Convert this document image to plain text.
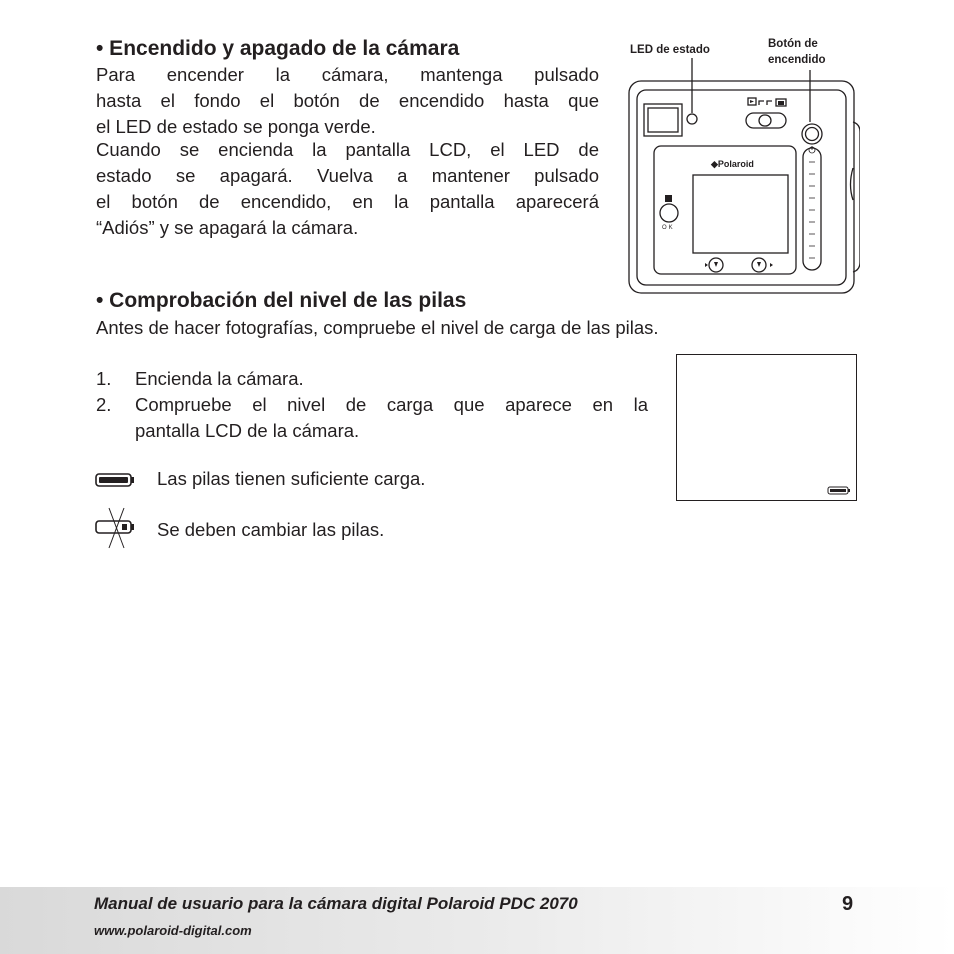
• Encendido y apagado de la cámara
Para encender la cámara, mantenga pulsado
hasta el fondo el botón de encendido hasta que
el LED de estado se ponga verde.
Cuando se encienda la pantalla LCD, el LED de
estado se apagará. Vuelva a mantener pulsado
el botón de encendido, en la pantalla aparecerá
“Adiós” y se apagará la cámara.
LED de estado	Botón de
encendido
◆Polaroid
OK
• Comprobación del nivel de las pilas
Antes de hacer fotografías, compruebe el nivel de carga de las pilas.
1. Encienda la cámara.
2. Compruebe el nivel de carga que aparece en la
pantalla LCD de la cámara.
Las pilas tienen suficiente carga.
Se deben cambiar las pilas.
Manual de usuario para la cámara digital Polaroid PDC 2070
www.polaroid-digital.com
9
